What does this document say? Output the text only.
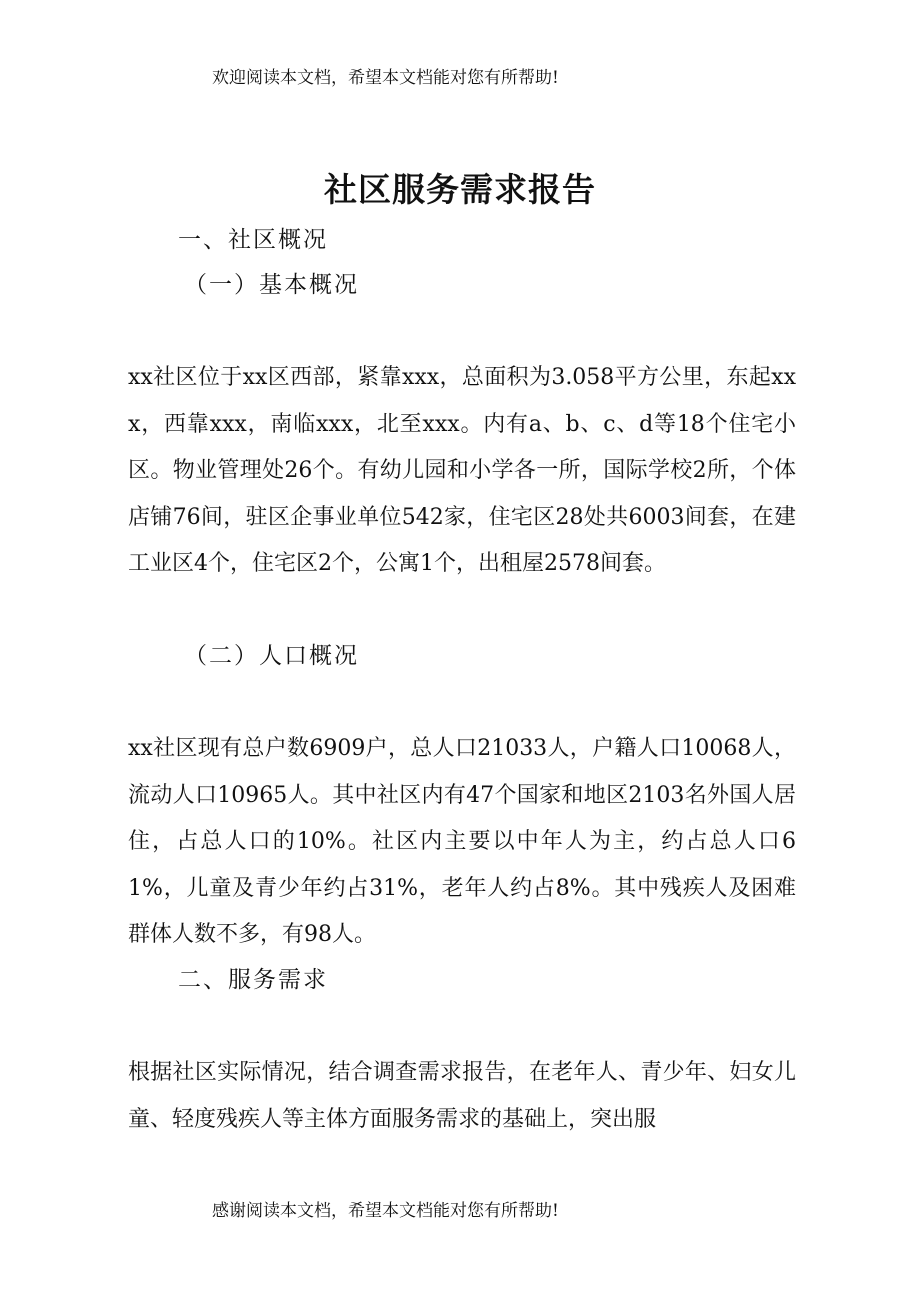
欢迎阅读本文档，希望本文档能对您有所帮助!
社区服务需求报告
一、社区概况
（一）基本概况
xx社区位于xx区西部，紧靠xxx，总面积为3.058平方公里，东起xxx，西靠xxx，南临xxx，北至xxx。内有a、b、c、d等18个住宅小区。物业管理处26个。有幼儿园和小学各一所，国际学校2所，个体店铺76间，驻区企事业单位542家，住宅区28处共6003间套，在建工业区4个，住宅区2个，公寓1个，出租屋2578间套。
（二）人口概况
xx社区现有总户数6909户，总人口21033人，户籍人口10068人，流动人口10965人。其中社区内有47个国家和地区2103名外国人居住，占总人口的10%。社区内主要以中年人为主，约占总人口61%，儿童及青少年约占31%，老年人约占8%。其中残疾人及困难群体人数不多，有98人。
二、服务需求
根据社区实际情况，结合调查需求报告，在老年人、青少年、妇女儿童、轻度残疾人等主体方面服务需求的基础上，突出服
感谢阅读本文档，希望本文档能对您有所帮助!
